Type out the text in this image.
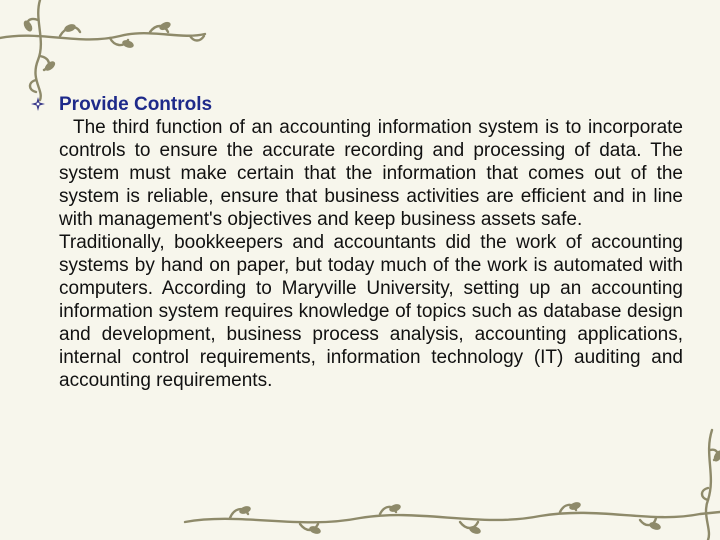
Provide Controls

The third function of an accounting information system is to incorporate controls to ensure the accurate recording and processing of data. The system must make certain that the information that comes out of the system is reliable, ensure that business activities are efficient and in line with management's objectives and keep business assets safe.

Traditionally, bookkeepers and accountants did the work of accounting systems by hand on paper, but today much of the work is automated with computers. According to Maryville University, setting up an accounting information system requires knowledge of topics such as database design and development, business process analysis, accounting applications, internal control requirements, information technology (IT) auditing and accounting requirements.
